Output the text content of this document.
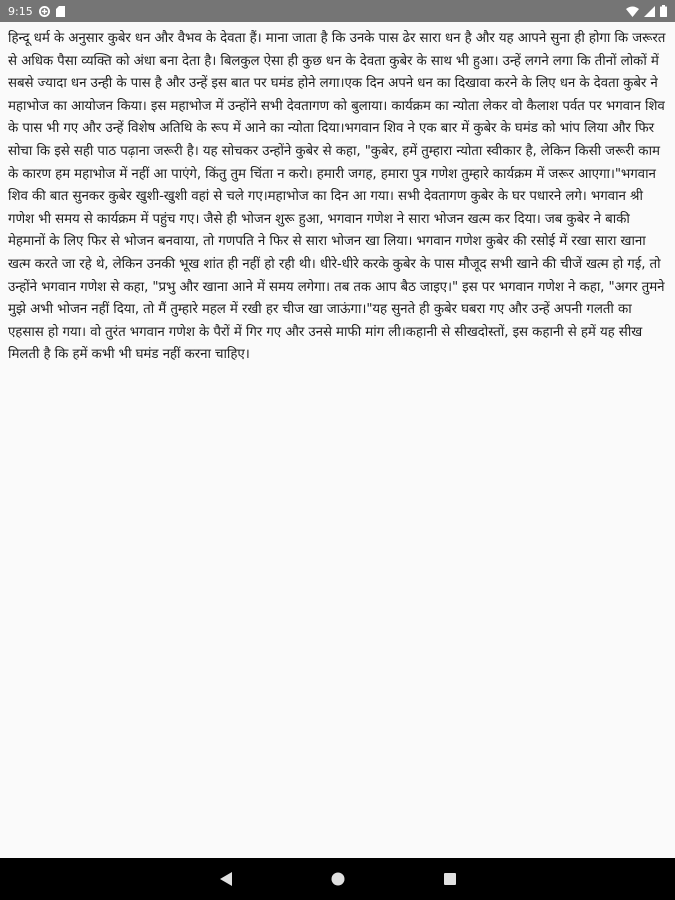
9:15
हिन्दू धर्म के अनुसार कुबेर धन और वैभव के देवता हैं। माना जाता है कि उनके पास ढेर सारा धन है और यह आपने सुना ही होगा कि जरूरत से अधिक पैसा व्यक्ति को अंधा बना देता है। बिलकुल ऐसा ही कुछ धन के देवता कुबेर के साथ भी हुआ। उन्हें लगने लगा कि तीनों लोकों में सबसे ज्यादा धन उन्ही के पास है और उन्हें इस बात पर घमंड होने लगा।एक दिन अपने धन का दिखावा करने के लिए धन के देवता कुबेर ने महाभोज का आयोजन किया। इस महाभोज में उन्होंने सभी देवतागण को बुलाया। कार्यक्रम का न्योता लेकर वो कैलाश पर्वत पर भगवान शिव के पास भी गए और उन्हें विशेष अतिथि के रूप में आने का न्योता दिया।भगवान शिव ने एक बार में कुबेर के घमंड को भांप लिया और फिर सोचा कि इसे सही पाठ पढ़ाना जरूरी है। यह सोचकर उन्होंने कुबेर से कहा, "कुबेर, हमें तुम्हारा न्योता स्वीकार है, लेकिन किसी जरूरी काम के कारण हम महाभोज में नहीं आ पाएंगे, किंतु तुम चिंता न करो। हमारी जगह, हमारा पुत्र गणेश तुम्हारे कार्यक्रम में जरूर आएगा।"भगवान शिव की बात सुनकर कुबेर खुशी-खुशी वहां से चले गए।महाभोज का दिन आ गया। सभी देवतागण कुबेर के घर पधारने लगे। भगवान श्री गणेश भी समय से कार्यक्रम में पहुंच गए। जैसे ही भोजन शुरू हुआ, भगवान गणेश ने सारा भोजन खत्म कर दिया। जब कुबेर ने बाकी मेहमानों के लिए फिर से भोजन बनवाया, तो गणपति ने फिर से सारा भोजन खा लिया। भगवान गणेश कुबेर की रसोई में रखा सारा खाना खत्म करते जा रहे थे, लेकिन उनकी भूख शांत ही नहीं हो रही थी। धीरे-धीरे करके कुबेर के पास मौजूद सभी खाने की चीजें खत्म हो गई, तो उन्होंने भगवान गणेश से कहा, "प्रभु और खाना आने में समय लगेगा। तब तक आप बैठ जाइए।" इस पर भगवान गणेश ने कहा, "अगर तुमने मुझे अभी भोजन नहीं दिया, तो मैं तुम्हारे महल में रखी हर चीज खा जाऊंगा।"यह सुनते ही कुबेर घबरा गए और उन्हें अपनी गलती का एहसास हो गया। वो तुरंत भगवान गणेश के पैरों में गिर गए और उनसे माफी मांग ली।कहानी से सीखदोस्तों, इस कहानी से हमें यह सीख मिलती है कि हमें कभी भी घमंड नहीं करना चाहिए।
